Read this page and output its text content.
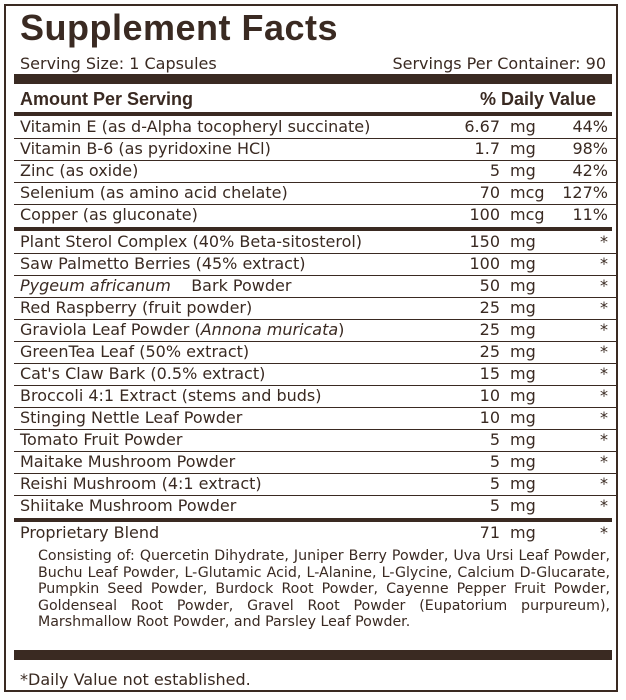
Supplement Facts
Serving Size: 1 Capsules	Servings Per Container: 90
Amount Per Serving	% Daily Value
Vitamin E (as d-Alpha tocopheryl succinate)	6.67 mg 44%
Vitamin B-6 (as pyridoxine HCl)	1.7 mg 98%
Zinc (as oxide)	5 mg 42%
Selenium (as amino acid chelate)	70 mcg 127%
Copper (as gluconate)	100 mcg 11%
Plant Sterol Complex (40% Beta-sitosterol)	150 mg	*
Saw Palmetto Berries (45% extract)	100 mg	*
Pygeum africanum Bark Powder	50 mg	*
Red Raspberry (fruit powder)	25 mg	*
Graviola Leaf Powder (Annona muricata)	25 mg	*
GreenTea Leaf (50% extract)	25 mg	*
Cat's Claw Bark (0.5% extract)	15 mg	*
Broccoli 4:1 Extract (stems and buds)	10 mg	*
Stinging Nettle Leaf Powder	10 mg	*
Tomato Fruit Powder	5 mg	*
Maitake Mushroom Powder	5 mg	*
Reishi Mushroom (4:1 extract)	5 mg	*
Shiitake Mushroom Powder	5 mg	*
Proprietary Blend	71 mg	*
Consisting of: Quercetin Dihydrate, Juniper Berry Powder, Uva Ursi Leaf Powder, Buchu Leaf Powder, L-Glutamic Acid, L-Alanine, L-Glycine, Calcium D-Glucarate, Pumpkin Seed Powder, Burdock Root Powder, Cayenne Pepper Fruit Powder, Goldenseal Root Powder, Gravel Root Powder (Eupatorium purpureum), Marshmallow Root Powder, and Parsley Leaf Powder.
*Daily Value not established.
